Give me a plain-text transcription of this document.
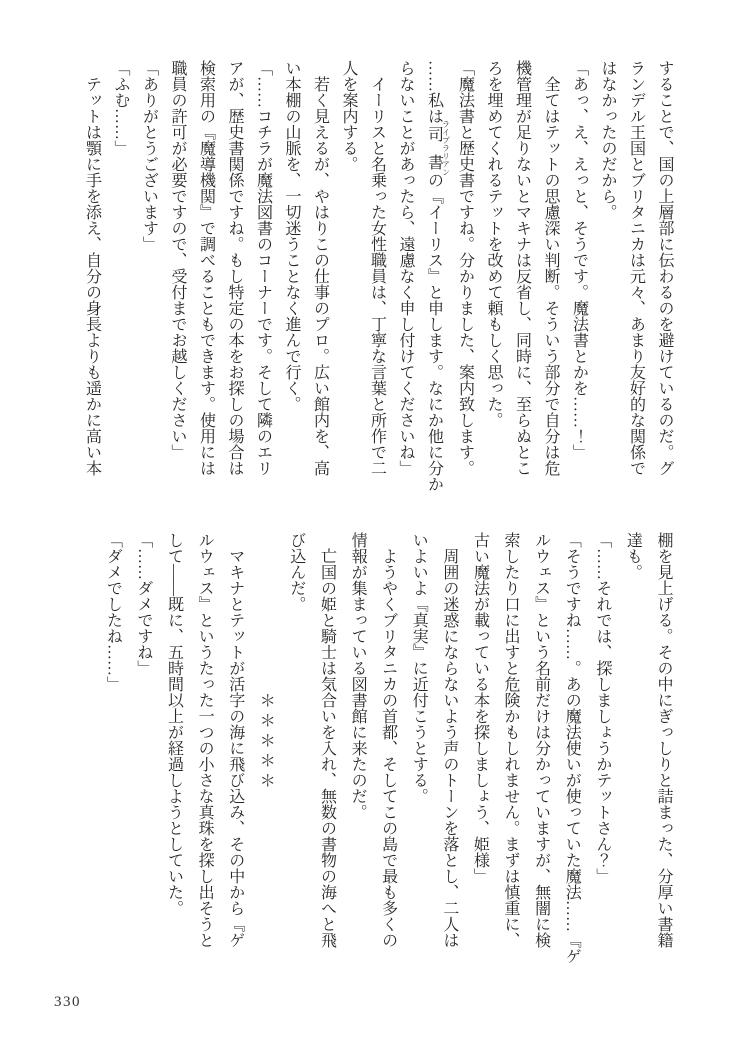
することで、国の上層部に伝わるのを避けているのだ。グ
ランデル王国とブリタニカは元々、あまり友好的な関係で
はなかったのだから。
「あっ、え、えっと、そうです。魔法書とかを……！」
全てはテットの思慮深い判断。そういう部分で自分は危
機管理が足りないとマキナは反省し、同時に、至らぬとこ
ろを埋めてくれるテットを改めて頼もしく思った。
「魔法書と歴史書ですね。分かりました、案内致します。
……私は司書 ライブラリアンの『イーリス』と申します。なにか他に分か
らないことがあったら、遠慮なく申し付けてくださいね」
イーリスと名乗った女性職員は、丁寧な言葉と所作で二
人を案内する。
若く見えるが、やはりこの仕事のプロ。広い館内を、高
い本棚の山脈を、一切迷うことなく進んで行く。
「……コチラが魔法図書のコーナーです。そして隣のエリ
アが、歴史書関係ですね。もし特定の本をお探しの場合は
検索用の『魔導機関』で調べることもできます。使用には
職員の許可が必要ですので、受付までお越しください」
「ありがとうございます」
「ふむ……」
テットは顎に手を添え、自分の身長よりも遥かに高い本
棚を見上げる。その中にぎっしりと詰まった、分厚い書籍
達も。
「……それでは、探しましょうかテットさん？」
「そうですね……。あの魔法使いが使っていた魔法……『ゲ
ルウェス』という名前だけは分かっていますが、無闇に検
索したり口に出すと危険かもしれません。まずは慎重に、
古い魔法が載っている本を探しましょう、姫様」
周囲の迷惑にならないよう声のトーンを落とし、二人は
いよいよ『真実』に近付こうとする。
ようやくブリタニカの首都、そしてこの島で最も多くの
情報が集まっている図書館に来たのだ。
亡国の姫と騎士は気合いを入れ、無数の書物の海へと飛
び込んだ。
＊＊＊＊＊
マキナとテットが活字の海に飛び込み、その中から『ゲ
ルウェス』というたった一つの小さな真珠を探し出そうと
して――既に、五時間以上が経過しようとしていた。
「……ダメですね」
「ダメでしたね……」
330
